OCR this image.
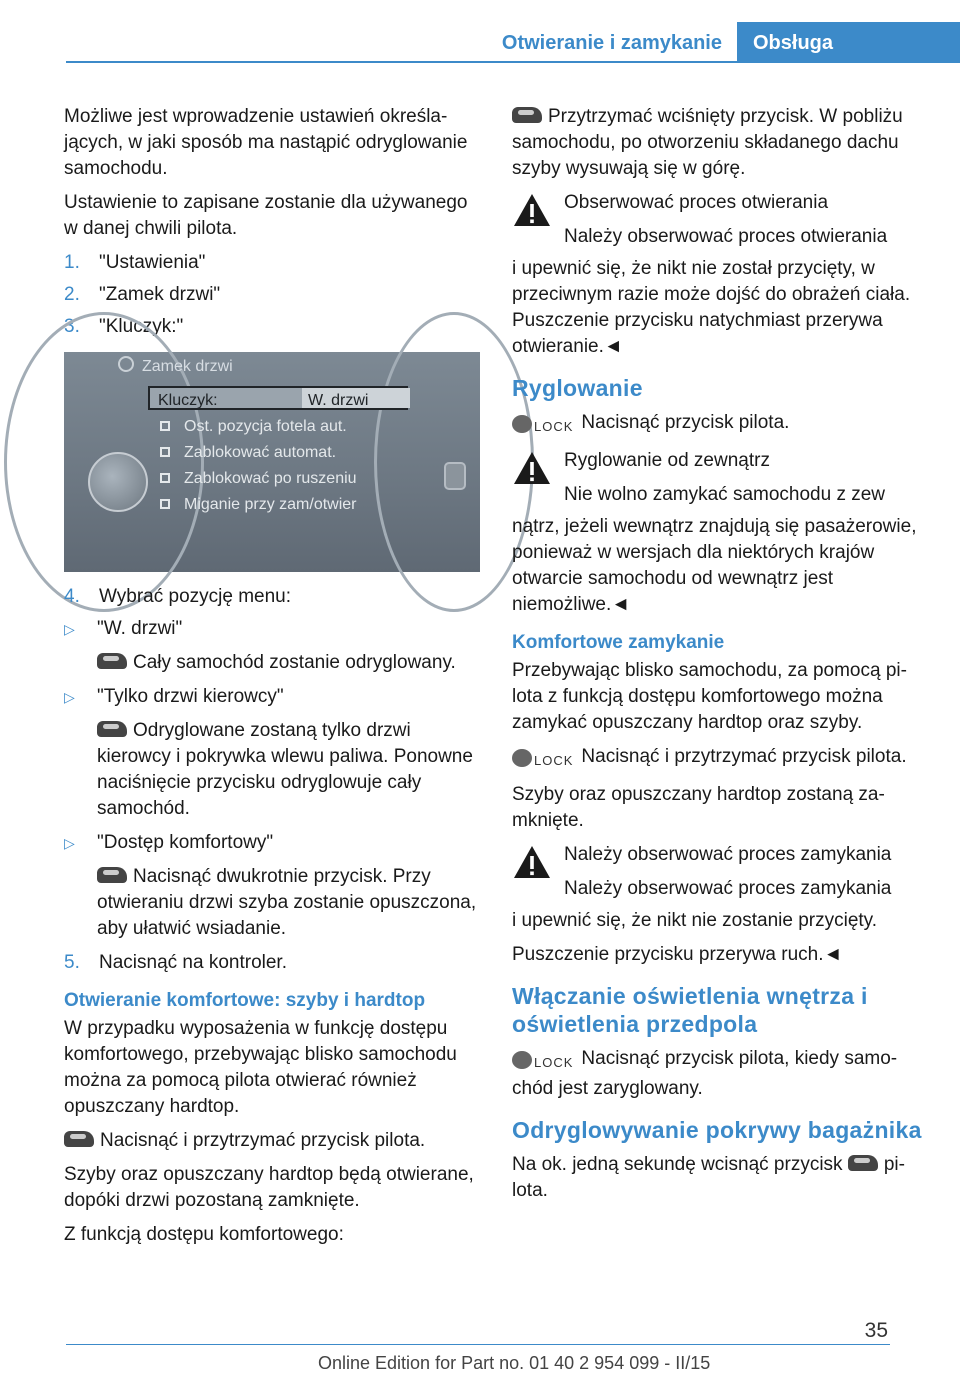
Otwieranie i zamykanie	Obsługa

Możliwe jest wprowadzenie ustawień określających, w jaki sposób ma nastąpić odryglowanie samochodu.

Ustawienie to zapisane zostanie dla używanego w danej chwili pilota.

1. "Ustawienia"
2. "Zamek drzwi"
3. "Kluczyk:"
Zamek drzwi
Kluczyk:	W. drzwi
Ost. pozycja fotela aut.
Zablokować automat.
Zablokować po ruszeniu
Miganie przy zam/otwier
4. Wybrać pozycję menu:
▷ "W. drzwi"
Cały samochód zostanie odryglowany.
▷ "Tylko drzwi kierowcy"
Odryglowane zostaną tylko drzwi kierowcy i pokrywka wlewu paliwa. Ponowne naciśnięcie przycisku odryglowuje cały samochód.
▷ "Dostęp komfortowy"
Nacisnąć dwukrotnie przycisk. Przy otwieraniu drzwi szyba zostanie opuszczona, aby ułatwić wsiadanie.
5. Nacisnąć na kontroler.
Otwieranie komfortowe: szyby i hardtop

W przypadku wyposażenia w funkcję dostępu komfortowego, przebywając blisko samochodu można za pomocą pilota otwierać również opuszczany hardtop.

Nacisnąć i przytrzymać przycisk pilota.

Szyby oraz opuszczany hardtop będą otwierane, dopóki drzwi pozostaną zamknięte.

Z funkcją dostępu komfortowego:

Przytrzymać wciśnięty przycisk. W pobliżu samochodu, po otworzeniu składanego dachu szyby wysuwają się w górę.

Obserwować proces otwierania
Należy obserwować proces otwierania

i upewnić się, że nikt nie został przycięty, w przeciwnym razie może dojść do obrażeń ciała. Puszczenie przycisku natychmiast przerywa otwieranie.◄

Ryglowanie

LOCK Nacisnąć przycisk pilota.

Ryglowanie od zewnątrz
Nie wolno zamykać samochodu z zew

nątrz, jeżeli wewnątrz znajdują się pasażerowie, ponieważ w wersjach dla niektórych krajów otwarcie samochodu od wewnątrz jest niemożliwe.◄

Komfortowe zamykanie

Przebywając blisko samochodu, za pomocą pilota z funkcją dostępu komfortowego można zamykać opuszczany hardtop oraz szyby.

LOCK Nacisnąć i przytrzymać przycisk pilota.

Szyby oraz opuszczany hardtop zostaną zamknięte.

Należy obserwować proces zamykania
Należy obserwować proces zamykania

i upewnić się, że nikt nie zostanie przycięty.

Puszczenie przycisku przerywa ruch.◄

Włączanie oświetlenia wnętrza i oświetlenia przedpola

LOCK Nacisnąć przycisk pilota, kiedy samochód jest zaryglowany.

Odryglowywanie pokrywy bagażnika

Na ok. jedną sekundę wcisnąć przycisk pilota.

35
Online Edition for Part no. 01 40 2 954 099 - II/15
